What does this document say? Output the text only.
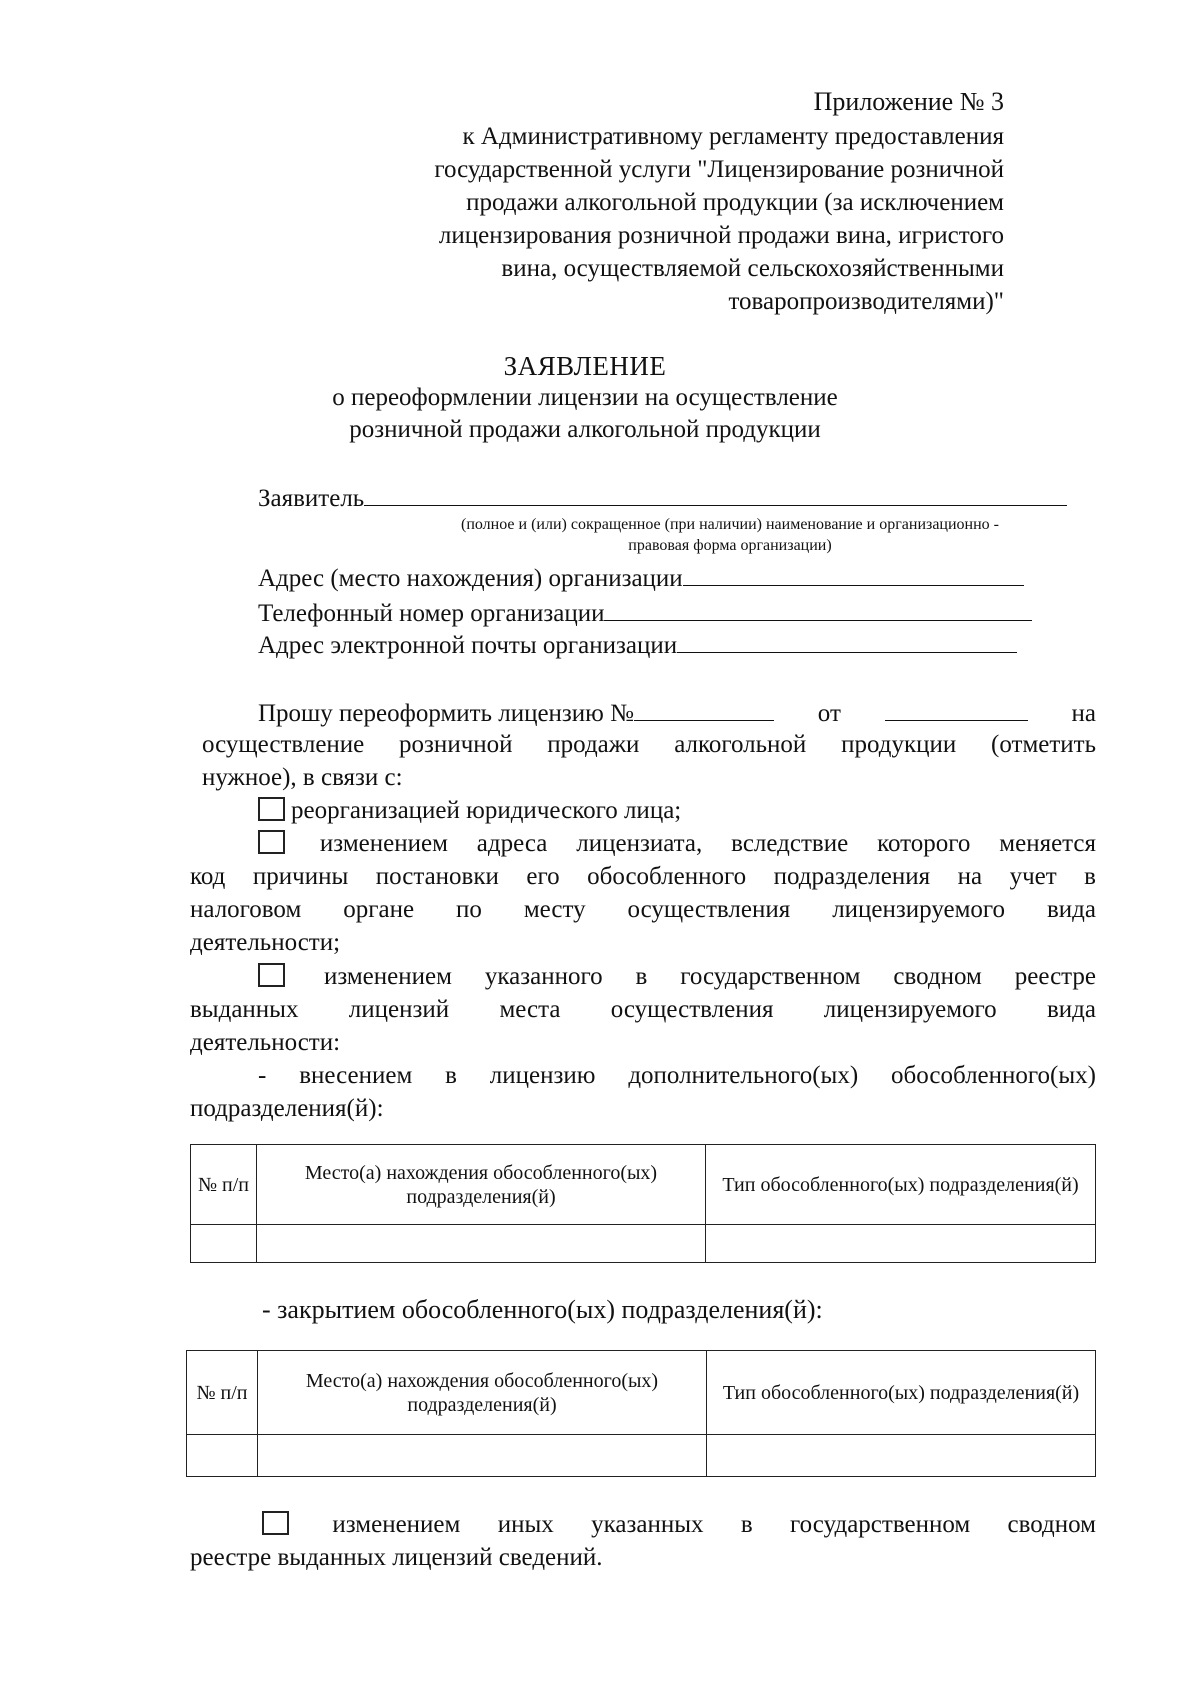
Приложение № 3
к Административному регламенту предоставления
государственной услуги "Лицензирование розничной
продажи алкогольной продукции (за исключением
лицензирования розничной продажи вина, игристого
вина, осуществляемой сельскохозяйственными
товаропроизводителями)"
ЗАЯВЛЕНИЕ
о переоформлении лицензии на осуществление
розничной продажи алкогольной продукции
Заявитель
(полное и (или) сокращенное (при наличии) наименование и организационно -
правовая форма организации)
Адрес (место нахождения) организации
Телефонный номер организации
Адрес электронной почты организации
Прошу переоформить лицензию №	от	на
осуществление розничной продажи алкогольной продукции (отметить
нужное), в связи с:
реорганизацией юридического лица;
изменением адреса лицензиата, вследствие которого меняется
код причины постановки его обособленного подразделения на учет в
налоговом органе по месту осуществления лицензируемого вида
деятельности;
изменением указанного в государственном сводном реестре
выданных лицензий места осуществления лицензируемого вида
деятельности:
- внесением в лицензию дополнительного(ых) обособленного(ых)
подразделения(й):
№ п/п	Место(а) нахождения обособленного(ых) подразделения(й)	Тип обособленного(ых) подразделения(й)

- закрытием обособленного(ых) подразделения(й):
№ п/п	Место(а) нахождения обособленного(ых) подразделения(й)	Тип обособленного(ых) подразделения(й)

изменением иных указанных в государственном сводном
реестре выданных лицензий сведений.
